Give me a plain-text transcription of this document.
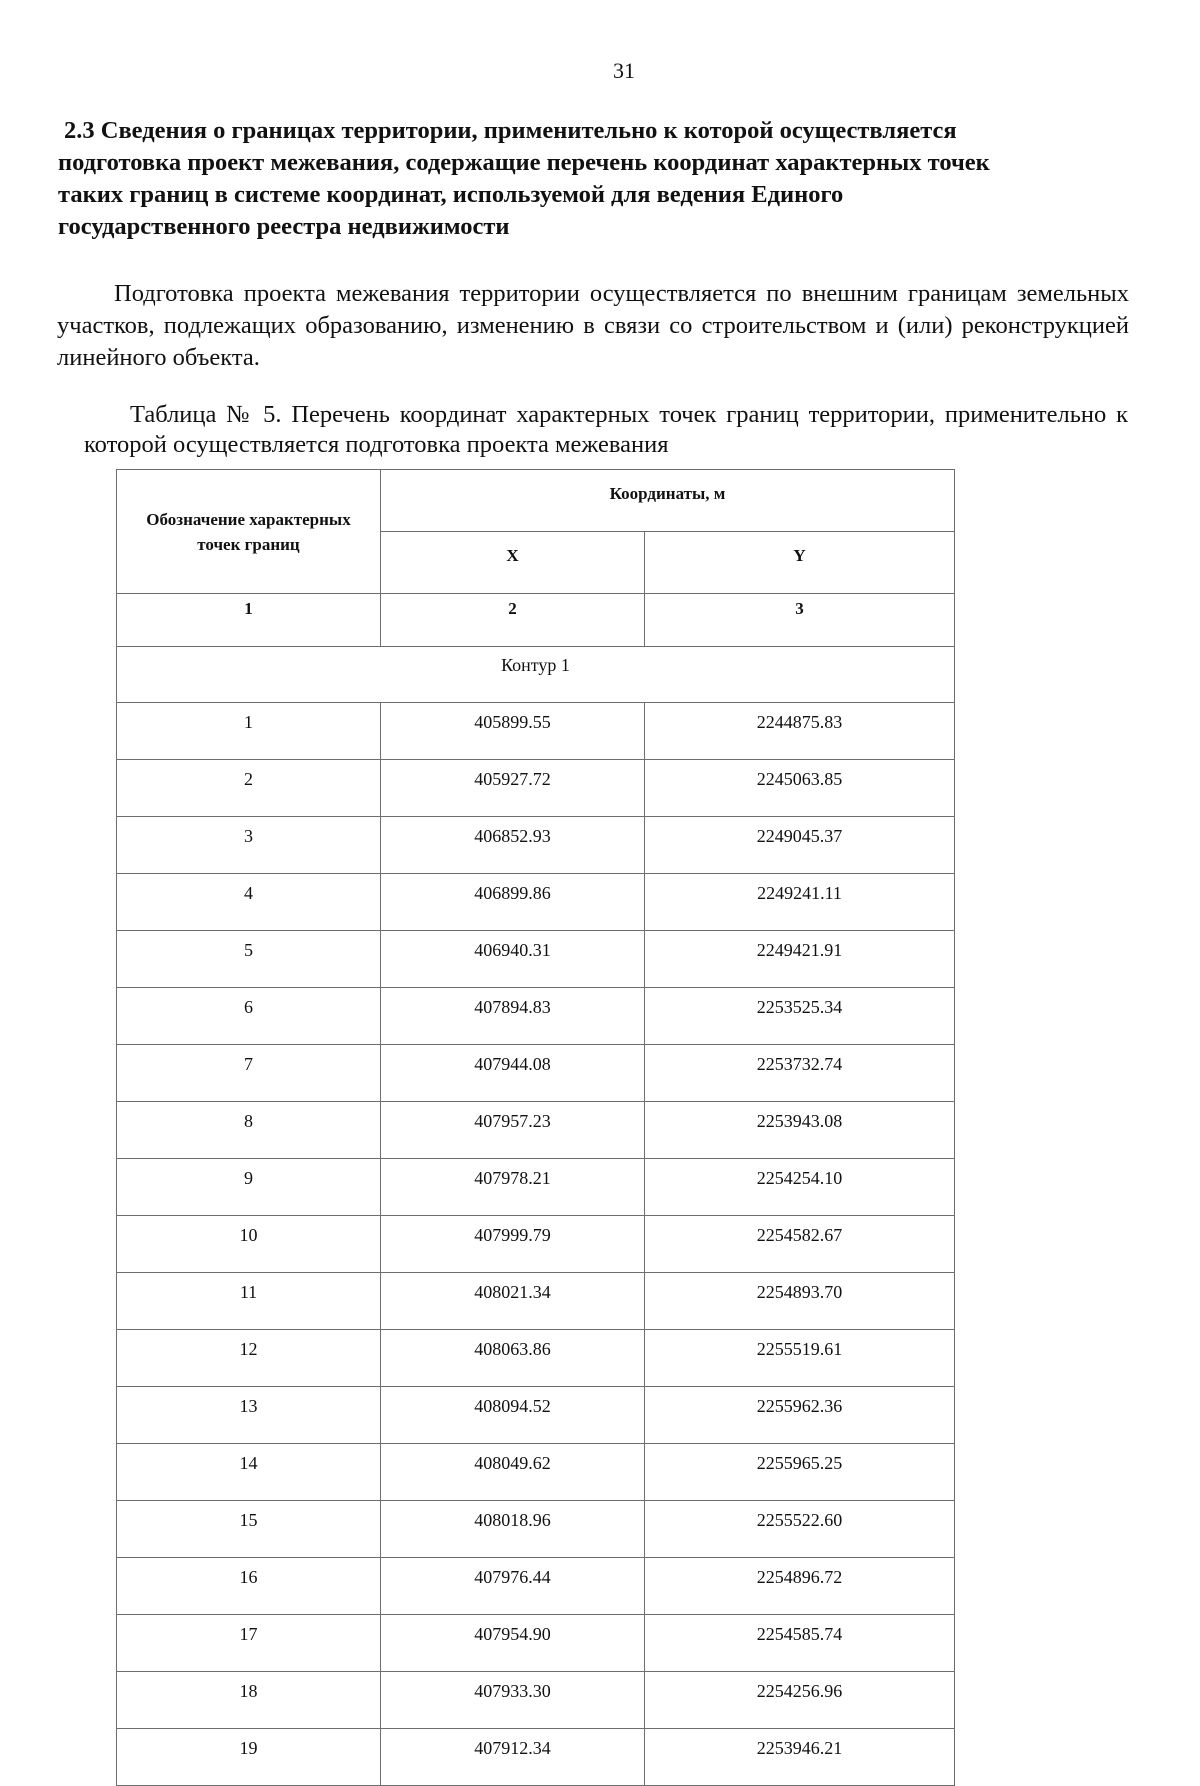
31
2.3 Сведения о границах территории, применительно к которой осуществляется
подготовка проект межевания, содержащие перечень координат характерных точек
таких границ в системе координат, используемой для ведения Единого
государственного реестра недвижимости

Подготовка проекта межевания территории осуществляется по внешним границам земельных участков, подлежащих образованию, изменению в связи со строительством и (или) реконструкцией линейного объекта.

Таблица № 5. Перечень координат характерных точек границ территории, применительно к которой осуществляется подготовка проекта межевания

Обозначение характерных точек границ	Координаты, м	
	X	Y
1	2	3
Контур 1		
1	405899.55	2244875.83
2	405927.72	2245063.85
3	406852.93	2249045.37
4	406899.86	2249241.11
5	406940.31	2249421.91
6	407894.83	2253525.34
7	407944.08	2253732.74
8	407957.23	2253943.08
9	407978.21	2254254.10
10	407999.79	2254582.67
11	408021.34	2254893.70
12	408063.86	2255519.61
13	408094.52	2255962.36
14	408049.62	2255965.25
15	408018.96	2255522.60
16	407976.44	2254896.72
17	407954.90	2254585.74
18	407933.30	2254256.96
19	407912.34	2253946.21
